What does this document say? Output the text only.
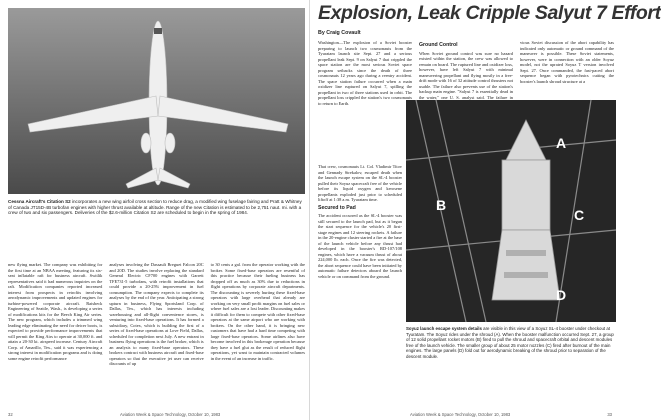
Cessna Aircraft's Citation S2 incorporates a new wing airfoil cross section to reduce drag, a modified wing fuselage fairing and Pratt & Whitney of Canada JT15D-4B turbofan engines with higher thrust available at altitude. Range of the new Citation is estimated to be 2,751 naut. mi. with a crew of two and six passengers. Deliveries of the $2.6-million Citation S2 are scheduled to begin in the spring of 1984.

new flying market. The company was exhibiting for the first time at an NBAA meeting, featuring its six-seat inflatable raft for business aircraft. Switlik representatives said it had numerous inquiries on the raft. Modification companies reported increased interest from prospects in retrofits involving aerodynamic improvements and updated engines for turbine-powered corporate aircraft. Raisbeck Engineering of Seattle, Wash., is developing a series of modifications kits for the Beech King Air series. The new program, which includes a trimmed wing leading edge eliminating the need for deicer boots, is expected to provide performance improvements that will permit the King Airs to operate at 30,000 ft. and attain a 20-30 kt. airspeed increase. Century Aircraft Corp. of Amarillo, Tex., said it was experiencing a strong interest in modification programs and is doing some engine retrofit performance

analyses involving the Dassault Breguet Falcon 20C and 20D. The studies involve replacing the standard General Electric CF700 engines with Garrett TFE731-5 turbofans, with retrofit installations that could provide a 20-25% improvement in fuel consumption. The company expects to complete its analyses by the end of the year. Anticipating a strong upturn in business, Flying Sportsland Corp. of Dallas, Tex., which has interests including warehousing and all-flight convenience stores, is venturing into fixed-base operations. It has formed a subsidiary, Cotex, which is building the first of a series of fixed-base operations at Love Field, Dallas, scheduled for completion next July. A new entrant in business flying operations is the fuel broker, which is an analysis to many fixed-base operators. These brokers contract with business aircraft and fixed-base operators so that the executive jet user can receive discounts of up

to 30 cents a gal. from the operator working with the broker. Some fixed-base operators are resentful of this practice because their fueling business has dropped off as much as 30% due to reductions in flight operations by corporate aircraft departments. The discounting is severely hurting these fixed-base operators with large overhead that already are working on very small profit margins on fuel sales or where fuel sales are a lost leader. Discounting makes it difficult for them to compete with other fixed-base operators at the same airport who are working with brokers. On the other hand, it is bringing new customers that have had a hard time competing with large fixed-base operators. Some airlines also have become involved in this brokerage operation because they have a fuel glut as the result of reduced flight operations, yet want to maintain contracted volumes in the event of an increase in traffic.

32	Aviation Week & Space Technology, October 10, 1983
Explosion, Leak Cripple Salyut 7 Effort
By Craig Covault

Washington—The explosion of a Soviet booster preparing to launch two cosmonauts from the Tyuratam launch site Sept. 27 and a serious propellant leak Sept. 9 on Salyut 7 that crippled the space station are the most serious Soviet space program setbacks since the death of three cosmonauts 12 years ago during a reentry accident. The space station failure occurred when a main oxidizer line ruptured on Salyut 7, spilling the propellant in two of three stations used in orbit. The propellant loss crippled the station's two cosmonauts to return to Earth.

Ground Control

When Soviet ground control was sure no hazard existed within the station, the crew was allowed to remain on board. The ruptured line and oxidizer loss, however, have left Salyut 7 with minimal maneuvering propellant and flying mostly in a free-drift mode with 16 of 32 attitude control thrusters not usable. The failure also prevents use of the station's backup main engine. "Salyut 7 is essentially dead in the water," one U. S. analyst said. The failure in

vious Soviet discussion of the abort capability has indicated only automatic or ground command of the maneuver is possible. These Soviet statements, however, were in connection with an older Soyuz model, not the uprated Soyuz T version involved Sept. 27. Once commanded, the fast-paced abort sequence began with pyrotechnics cutting the booster's launch shroud structure at a

That crew, cosmonauts Lt. Col. Vladimir Titov and Gennady Strekalov, escaped death when the launch escape system on the SL-4 booster pulled their Soyuz spacecraft free of the vehicle before its liquid oxygen and kerosene propellants exploded just prior to scheduled liftoff at 1:38 a.m. Tyuratam time.

Secured to Pad

The accident occurred as the SL-4 booster was still secured to the launch pad, but as it began the start sequence for the vehicle's 20 first-stage engines and 12 steering rockets. A failure in the 20-engine cluster started a fire at the base of the launch vehicle before any thrust had developed in the booster's RD-107/108 engines, which have a vacuum thrust of about 224,000 lb. each. Once the fire was detected, the abort sequence could have been initiated by automatic failure detectors aboard the launch vehicle or on command from the ground.

A
B
C
D
Soyuz launch escape system details are visible in this view of a Soyuz SL-4 booster under checkout at Tyuratam. The Soyuz rides under the shroud (A). When the booster malfunction occurred Sept. 27, a group of 12 solid propellant rocket motors (B) fired to pull the shroud and spacecraft orbital and descent modules free of the launch vehicle. The smaller group of about 25 motor nozzles (C) fired after burnout of the main engines. The large panels (D) fold out for aerodynamic breaking of the shroud prior to separation of the descent module.
Aviation Week & Space Technology, October 10, 1983	33
